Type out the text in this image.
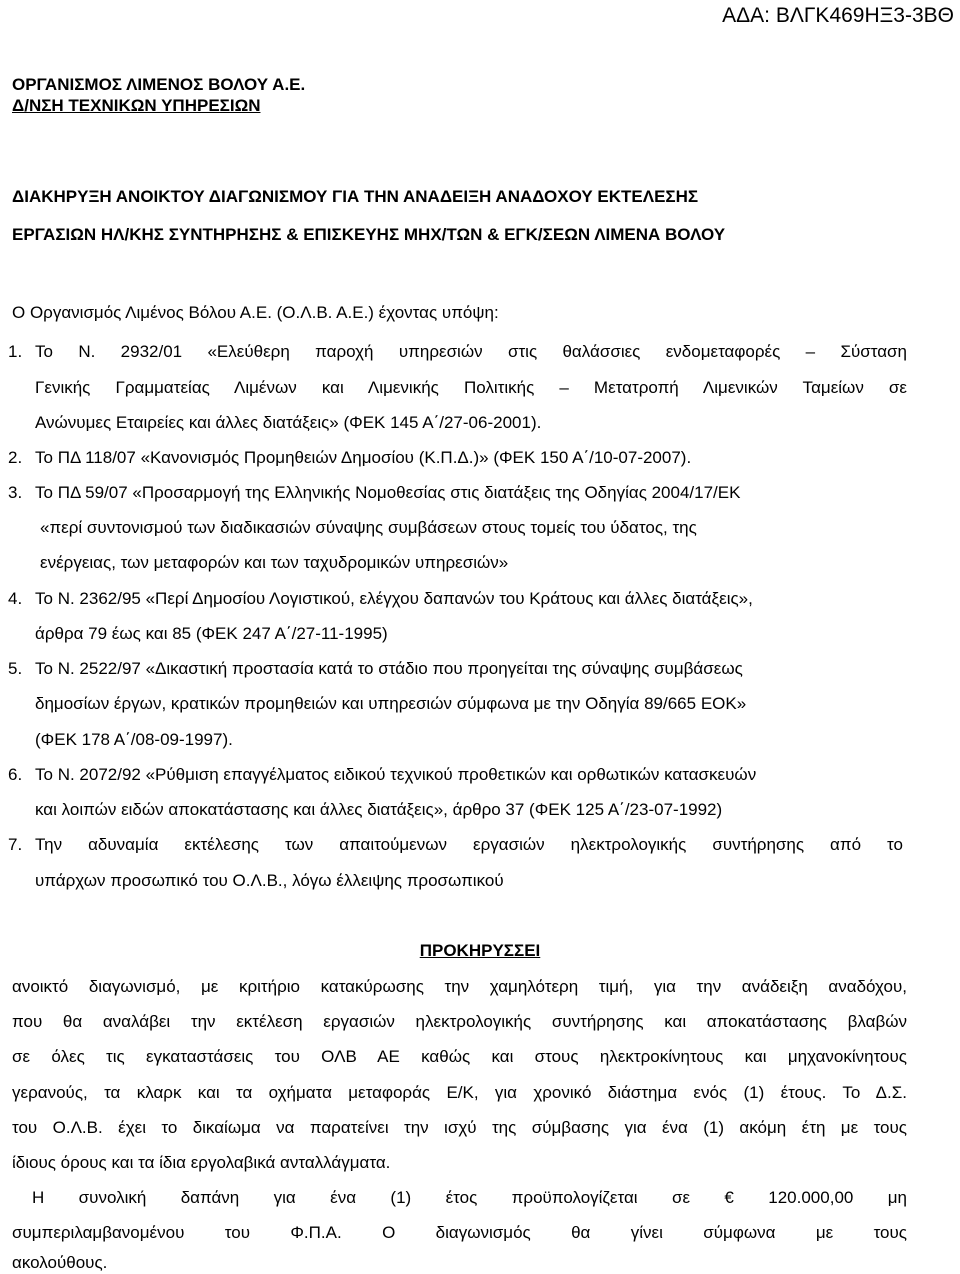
ΑΔΑ: ΒΛΓΚ469ΗΞ3-3ΒΘ
ΟΡΓΑΝΙΣΜΟΣ ΛΙΜΕΝΟΣ ΒΟΛΟΥ Α.Ε.
Δ/ΝΣΗ ΤΕΧΝΙΚΩΝ ΥΠΗΡΕΣΙΩΝ
ΔΙΑΚΗΡΥΞΗ ΑΝΟΙΚΤΟΥ ΔΙΑΓΩΝΙΣΜΟΥ ΓΙΑ ΤΗΝ ΑΝΑΔΕΙΞΗ ΑΝΑΔΟΧΟΥ ΕΚΤΕΛΕΣΗΣ
ΕΡΓΑΣΙΩΝ ΗΛ/ΚΗΣ ΣΥΝΤΗΡΗΣΗΣ & ΕΠΙΣΚΕΥΗΣ ΜΗΧ/ΤΩΝ & ΕΓΚ/ΣΕΩΝ ΛΙΜΕΝΑ ΒΟΛΟΥ
Ο Οργανισμός Λιμένος Βόλου Α.Ε. (Ο.Λ.Β. Α.Ε.) έχοντας υπόψη:
1. Το Ν. 2932/01 «Ελεύθερη παροχή υπηρεσιών στις θαλάσσιες ενδομεταφορές – Σύσταση
Γενικής Γραμματείας Λιμένων και Λιμενικής Πολιτικής – Μετατροπή Λιμενικών Ταμείων σε
Ανώνυμες Εταιρείες και άλλες διατάξεις» (ΦΕΚ 145 Α΄/27-06-2001).
2. Το ΠΔ 118/07 «Κανονισμός Προμηθειών Δημοσίου (Κ.Π.Δ.)» (ΦΕΚ 150 Α΄/10-07-2007).
3. Το ΠΔ 59/07 «Προσαρμογή της Ελληνικής Νομοθεσίας στις διατάξεις της Οδηγίας 2004/17/ΕΚ
«περί συντονισμού των διαδικασιών σύναψης συμβάσεων στους τομείς του ύδατος, της
ενέργειας, των μεταφορών και των ταχυδρομικών υπηρεσιών»
4. Το Ν. 2362/95 «Περί Δημοσίου Λογιστικού, ελέγχου δαπανών του Κράτους και άλλες διατάξεις»,
άρθρα 79 έως και 85 (ΦΕΚ 247 Α΄/27-11-1995)
5. Το Ν. 2522/97 «Δικαστική προστασία κατά το στάδιο που προηγείται της σύναψης συμβάσεως
δημοσίων έργων, κρατικών προμηθειών και υπηρεσιών σύμφωνα με την Οδηγία 89/665 ΕΟΚ»
(ΦΕΚ 178 Α΄/08-09-1997).
6. Το Ν. 2072/92 «Ρύθμιση επαγγέλματος ειδικού τεχνικού προθετικών και ορθωτικών κατασκευών
και λοιπών ειδών αποκατάστασης και άλλες διατάξεις», άρθρο 37 (ΦΕΚ 125 Α΄/23-07-1992)
7. Την αδυναμία εκτέλεσης των απαιτούμενων εργασιών ηλεκτρολογικής συντήρησης από το
υπάρχων προσωπικό του Ο.Λ.Β., λόγω έλλειψης προσωπικού
ΠΡΟΚΗΡΥΣΣΕΙ
ανοικτό διαγωνισμό, με κριτήριο κατακύρωσης την χαμηλότερη τιμή, για την ανάδειξη αναδόχου,
που θα αναλάβει την εκτέλεση εργασιών ηλεκτρολογικής συντήρησης και αποκατάστασης βλαβών
σε όλες τις εγκαταστάσεις του ΟΛΒ ΑΕ καθώς και στους ηλεκτροκίνητους και μηχανοκίνητους
γερανούς, τα κλαρκ και τα οχήματα μεταφοράς Ε/Κ, για χρονικό διάστημα ενός (1) έτους. Το Δ.Σ.
του Ο.Λ.Β. έχει το δικαίωμα να παρατείνει την ισχύ της σύμβασης για ένα (1) ακόμη έτη με τους
ίδιους όρους και τα ίδια εργολαβικά ανταλλάγματα.
Η συνολική δαπάνη για ένα (1) έτος προϋπολογίζεται σε € 120.000,00 μη
συμπεριλαμβανομένου του Φ.Π.Α. Ο διαγωνισμός θα γίνει σύμφωνα με τους
ακολούθους.
